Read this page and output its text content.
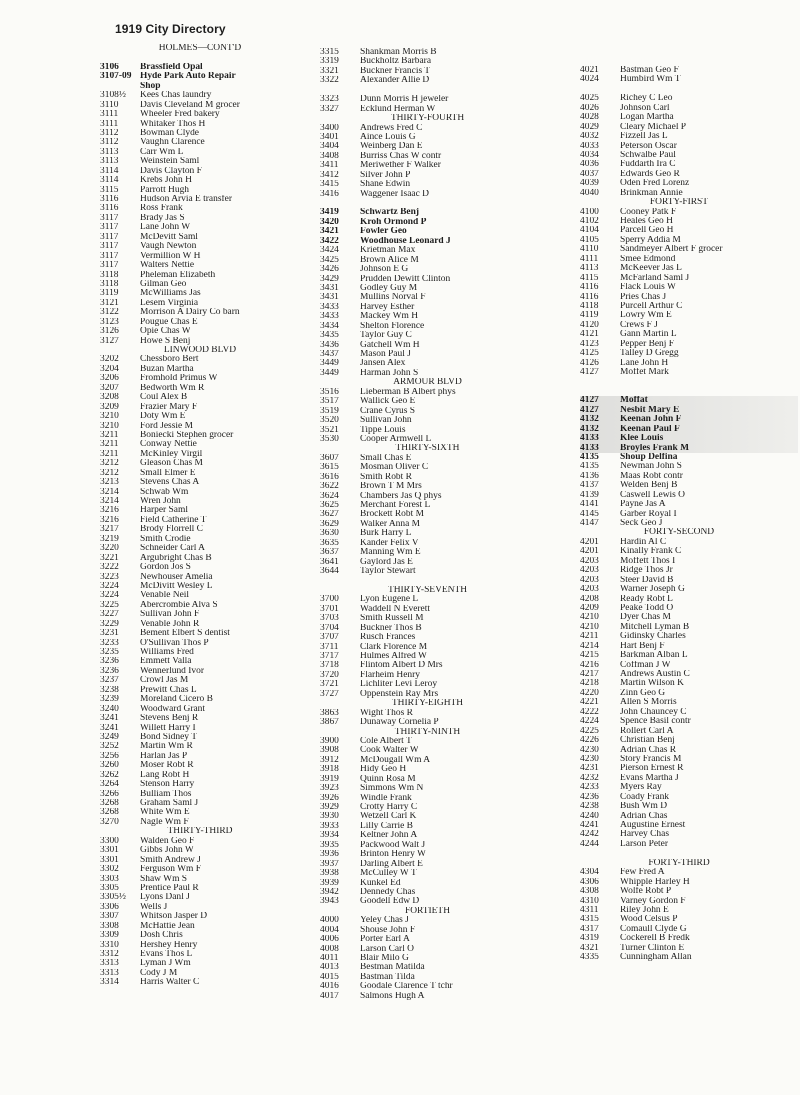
1919 City Directory
HOLMES—CONT'D
3106 Brassfield Opal
3107-09 Hyde Park Auto Repair
Shop
3108½ Kees Chas laundry
3110 Davis Cleveland M grocer
3111 Wheeler Fred bakery
3111 Whitaker Thos H
3112 Bowman Clyde
3112 Vaughn Clarence
3113 Carr Wm L
3113 Weinstein Saml
3114 Davis Clayton F
3114 Krebs John H
3115 Parrott Hugh
3116 Hudson Arvia E transfer
3116 Ross Frank
3117 Brady Jas S
3117 Lane John W
3117 McDevitt Saml
3117 Vaugh Newton
3117 Vermillion W H
3117 Walters Nettie
3118 Pheleman Elizabeth
3118 Gilman Geo
3119 McWilliams Jas
3121 Lesem Virginia
3122 Morrison A Dairy Co barn
3123 Pougue Chas E
3126 Opie Chas W
3127 Howe S Benj
LINWOOD BLVD
3202 Chessboro Bert
3204 Buzan Martha
3206 Fromhold Primus W
3207 Bedworth Wm R
3208 Coul Alex B
3209 Frazier Mary F
3210 Doty Wm E
3210 Ford Jessie M
3211 Boniecki Stephen grocer
3211 Conway Nettie
3211 McKinley Virgil
3212 Gleason Chas M
3212 Small Elmer E
3213 Stevens Chas A
3214 Schwab Wm
3214 Wren John
3216 Harper Saml
3216 Field Catherine T
3217 Brody Florrell C
3219 Smith Crodie
3220 Schneider Carl A
3221 Argubright Chas B
3222 Gordon Jos S
3223 Newhouser Amelia
3224 McDivitt Wesley L
3224 Venable Neil
3225 Abercrombie Alva S
3227 Sullivan John F
3229 Venable John R
3231 Bement Elbert S dentist
3233 O'Sullivan Thos P
3235 Williams Fred
3236 Emmett Valla
3236 Wennerlund Ivor
3237 Crowl Jas M
3238 Prewitt Chas L
3239 Moreland Cicero B
3240 Woodward Grant
3241 Stevens Benj R
3241 Willett Harry I
3249 Bond Sidney T
3252 Martin Wm R
3256 Harlan Jas P
3260 Moser Robt R
3262 Lang Robt H
3264 Stenson Harry
3266 Bulliam Thos
3268 Graham Saml J
3268 White Wm E
3270 Nagle Wm F
THIRTY-THIRD
3300 Walden Geo F
3301 Gibbs John W
3301 Smith Andrew J
3302 Ferguson Wm F
3303 Shaw Wm S
3305 Prentice Paul R
3305½ Lyons Danl J
3306 Wells J
3307 Whitson Jasper D
3308 McHattie Jean
3309 Dosh Chris
3310 Hershey Henry
3312 Evans Thos L
3313 Lyman J Wm
3313 Cody J M
3314 Harris Walter C
3315 Shankman Morris B
3319 Buckholtz Barbara
3321 Buckner Francis T
3322 Alexander Allie D
3323 Dunn Morris H jeweler
3327 Ecklund Herman W
THIRTY-FOURTH
3400 Andrews Fred C
3401 Aince Louis G
3404 Weinberg Dan E
3408 Burriss Chas W contr
3411 Meriwether F Walker
3412 Silver John P
3415 Shane Edwin
3416 Waggener Isaac D
3419 Schwartz Benj
3420 Kroh Ormond P
3421 Fowler Geo
3422 Woodhouse Leonard J
3424 Krietman Max
3425 Brown Alice M
3426 Johnson E G
3429 Prudden Dewitt Clinton
3431 Godley Guy M
3431 Mullins Norval F
3433 Harvey Esther
3433 Mackey Wm H
3434 Shelton Florence
3435 Taylor Guy C
3436 Gatchell Wm H
3437 Mason Paul J
3449 Jansen Alex
3449 Harman John S
ARMOUR BLVD
3516 Lieberman B Albert phys
3517 Wallick Geo E
3519 Crane Cyrus S
3520 Sullivan John
3521 Tippe Louis
3530 Cooper Armwell L
THIRTY-SIXTH
3607 Small Chas E
3615 Mosman Oliver C
3616 Smith Robt R
3622 Brown T M Mrs
3624 Chambers Jas Q phys
3625 Merchant Forest L
3627 Brockett Robt M
3629 Walker Anna M
3630 Burk Harry L
3635 Kander Felix V
3637 Manning Wm E
3641 Gaylord Jas E
3644 Taylor Stewart
THIRTY-SEVENTH
3700 Lyon Eugene L
3701 Waddell N Everett
3703 Smith Russell M
3704 Buckner Thos B
3707 Rusch Frances
3711 Clark Florence M
3717 Hulmes Alfred W
3718 Flintom Albert D Mrs
3720 Flarheim Henry
3721 Lichliter Levi Leroy
3727 Oppenstein Ray Mrs
THIRTY-EIGHTH
3863 Wight Thos R
3867 Dunaway Cornelia P
THIRTY-NINTH
3900 Cole Albert T
3908 Cook Walter W
3912 McDougall Wm A
3918 Hidy Geo H
3919 Quinn Rosa M
3923 Simmons Wm N
3926 Windle Frank
3929 Crotty Harry C
3930 Wetzell Carl K
3933 Lilly Carrie B
3934 Keltner John A
3935 Packwood Walt J
3936 Brinton Henry W
3937 Darling Albert E
3938 McCulley W T
3939 Kunkel Ed
3942 Dennedy Chas
3943 Goodell Edw D
FORTIETH
4000 Yeley Chas J
4004 Shouse John F
4006 Porter Earl A
4008 Larson Carl O
4011 Blair Milo G
4013 Bestman Matilda
4015 Bastman Tilda
4016 Goodale Clarence T tchr
4017 Salmons Hugh A
4021 Bastman Geo F
4024 Humbird Wm T
4025 Richey C Leo
4026 Johnson Carl
4028 Logan Martha
4029 Cleary Michael P
4032 Fizzell Jas L
4033 Peterson Oscar
4034 Schwalbe Paul
4036 Fuddarth Ira C
4037 Edwards Geo R
4039 Oden Fred Lorenz
4040 Brinkman Annie
FORTY-FIRST
4100 Cooney Patk F
4102 Heales Geo H
4104 Parcell Geo H
4105 Sperry Addia M
4110 Sandmeyer Albert F grocer
4111 Smee Edmond
4113 McKeever Jas L
4115 McFarland Saml J
4116 Flack Louis W
4116 Pries Chas J
4118 Purcell Arthur C
4119 Lowry Wm E
4120 Crews F J
4121 Gann Martin L
4123 Pepper Benj F
4125 Talley D Gregg
4126 Lane John H
4127 Moffet Mark
4127 Moffat
4127 Nesbit Mary E
4132 Keenan John F
4132 Keenan Paul F
4133 Klee Louis
4133 Broyles Frank M
4135 Shoup Delfina
4135 Newman John S
4136 Maas Robt contr
4137 Welden Benj B
4139 Caswell Lewis O
4141 Payne Jas A
4145 Garber Royal I
4147 Seck Geo J
FORTY-SECOND
4201 Hardin Al C
4201 Kinally Frank C
4203 Moffett Thos I
4203 Ridge Thos Jr
4203 Steer David B
4203 Warner Joseph G
4208 Ready Robt L
4209 Peake Todd O
4210 Dyer Chas M
4210 Mitchell Lyman B
4211 Gidinsky Charles
4214 Hart Benj F
4215 Barkman Alban L
4216 Coffman J W
4217 Andrews Austin C
4218 Martin Wilson K
4220 Zinn Geo G
4221 Allen S Morris
4222 John Chauncey C
4224 Spence Basil contr
4225 Rollert Carl A
4226 Christian Benj
4230 Adrian Chas R
4230 Story Francis M
4231 Pierson Ernest R
4232 Evans Martha J
4233 Myers Ray
4236 Coady Frank
4238 Bush Wm D
4240 Adrian Chas
4241 Augustine Ernest
4242 Harvey Chas
4244 Larson Peter
FORTY-THIRD
4304 Few Fred A
4306 Whipple Harley H
4308 Wolfe Robt P
4310 Varney Gordon F
4311 Riley John E
4315 Wood Celsus P
4317 Comaull Clyde G
4319 Cockerell B Fredk
4321 Turner Clinton E
4335 Cunningham Allan
